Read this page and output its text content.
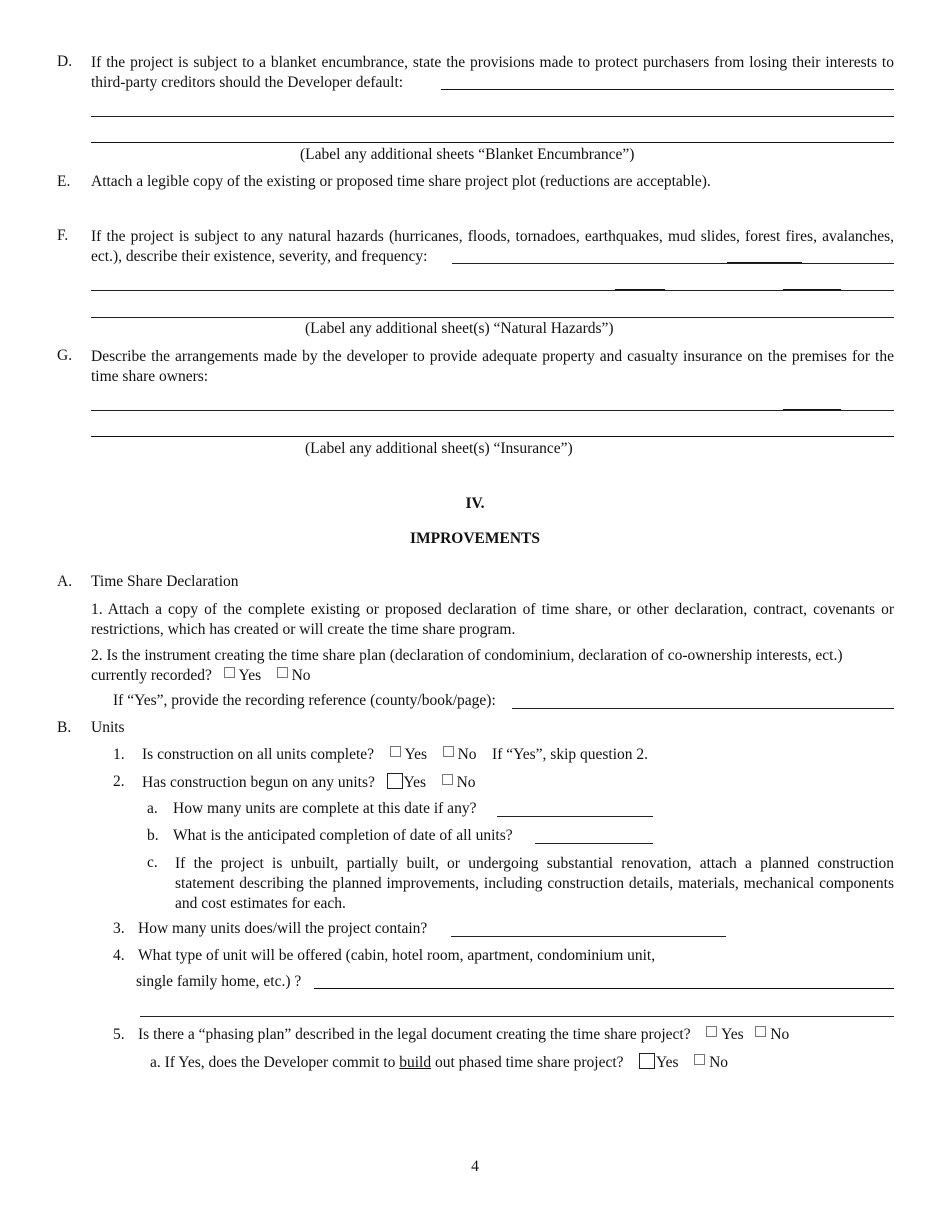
D. If the project is subject to a blanket encumbrance, state the provisions made to protect purchasers from losing their interests to third-party creditors should the Developer default:
(Label any additional sheets “Blanket Encumbrance”)
E. Attach a legible copy of the existing or proposed time share project plot (reductions are acceptable).
F. If the project is subject to any natural hazards (hurricanes, floods, tornadoes, earthquakes, mud slides, forest fires, avalanches, ect.), describe their existence, severity, and frequency:
(Label any additional sheet(s) “Natural Hazards”)
G. Describe the arrangements made by the developer to provide adequate property and casualty insurance on the premises for the time share owners:
(Label any additional sheet(s) “Insurance”)
IV.
IMPROVEMENTS
A. Time Share Declaration
1. Attach a copy of the complete existing or proposed declaration of time share, or other declaration, contract, covenants or restrictions, which has created or will create the time share program.
2. Is the instrument creating the time share plan (declaration of condominium, declaration of co-ownership interests, ect.) currently recorded? Yes No
If “Yes”, provide the recording reference (county/book/page):
B. Units
1. Is construction on all units complete? Yes No If “Yes”, skip question 2.
2. Has construction begun on any units? Yes No
a. How many units are complete at this date if any?
b. What is the anticipated completion of date of all units?
c. If the project is unbuilt, partially built, or undergoing substantial renovation, attach a planned construction statement describing the planned improvements, including construction details, materials, mechanical components and cost estimates for each.
3. How many units does/will the project contain?
4. What type of unit will be offered (cabin, hotel room, apartment, condominium unit,
single family home, etc.) ?
5. Is there a “phasing plan” described in the legal document creating the time share project? Yes No
a. If Yes, does the Developer commit to build out phased time share project? Yes No
4
